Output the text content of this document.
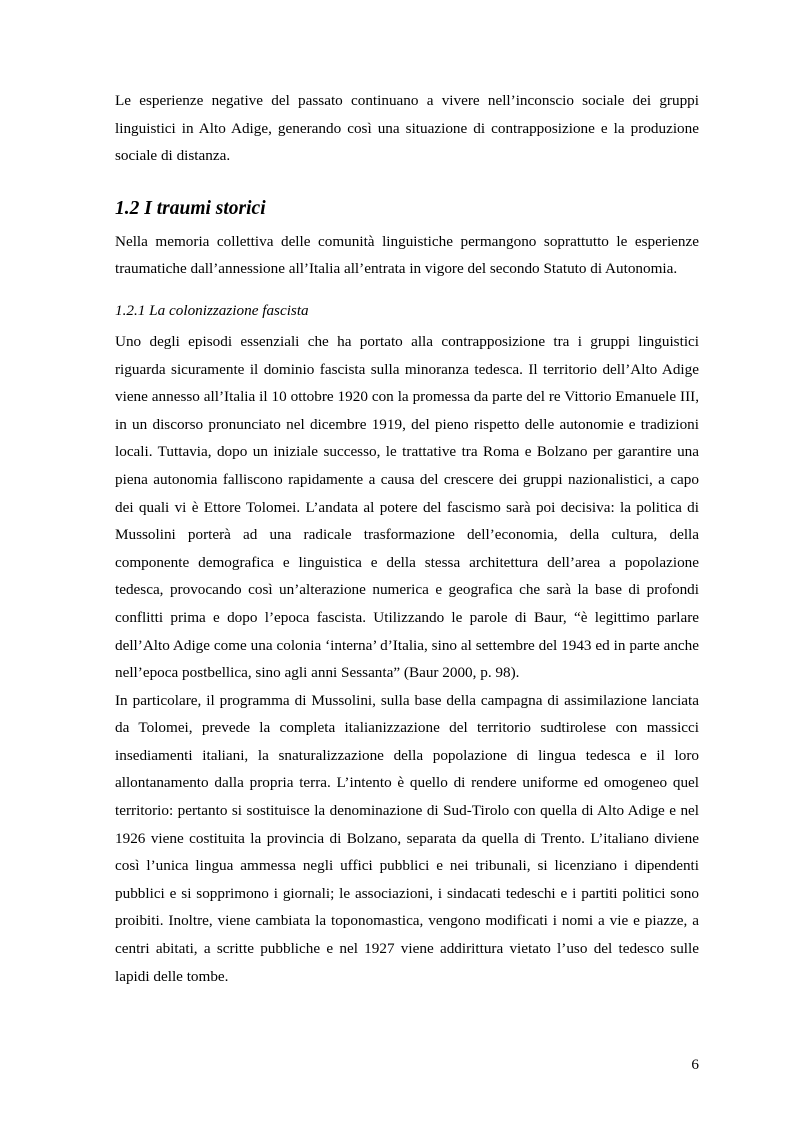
Le esperienze negative del passato continuano a vivere nell’inconscio sociale dei gruppi linguistici in Alto Adige, generando così una situazione di contrapposizione e la produzione sociale di distanza.

1.2 I traumi storici

Nella memoria collettiva delle comunità linguistiche permangono soprattutto le esperienze traumatiche dall’annessione all’Italia all’entrata in vigore del secondo Statuto di Autonomia.

1.2.1 La colonizzazione fascista

Uno degli episodi essenziali che ha portato alla contrapposizione tra i gruppi linguistici riguarda sicuramente il dominio fascista sulla minoranza tedesca. Il territorio dell’Alto Adige viene annesso all’Italia il 10 ottobre 1920 con la promessa da parte del re Vittorio Emanuele III, in un discorso pronunciato nel dicembre 1919, del pieno rispetto delle autonomie e tradizioni locali. Tuttavia, dopo un iniziale successo, le trattative tra Roma e Bolzano per garantire una piena autonomia falliscono rapidamente a causa del crescere dei gruppi nazionalistici, a capo dei quali vi è Ettore Tolomei. L’andata al potere del fascismo sarà poi decisiva: la politica di Mussolini porterà ad una radicale trasformazione dell’economia, della cultura, della componente demografica e linguistica e della stessa architettura dell’area a popolazione tedesca, provocando così un’alterazione numerica e geografica che sarà la base di profondi conflitti prima e dopo l’epoca fascista. Utilizzando le parole di Baur, “è legittimo parlare dell’Alto Adige come una colonia ‘interna’ d’Italia, sino al settembre del 1943 ed in parte anche nell’epoca postbellica, sino agli anni Sessanta” (Baur 2000, p. 98).

In particolare, il programma di Mussolini, sulla base della campagna di assimilazione lanciata da Tolomei, prevede la completa italianizzazione del territorio sudtirolese con massicci insediamenti italiani, la snaturalizzazione della popolazione di lingua tedesca e il loro allontanamento dalla propria terra. L’intento è quello di rendere uniforme ed omogeneo quel territorio: pertanto si sostituisce la denominazione di Sud-Tirolo con quella di Alto Adige e nel 1926 viene costituita la provincia di Bolzano, separata da quella di Trento. L’italiano diviene così l’unica lingua ammessa negli uffici pubblici e nei tribunali, si licenziano i dipendenti pubblici e si sopprimono i giornali; le associazioni, i sindacati tedeschi e i partiti politici sono proibiti. Inoltre, viene cambiata la toponomastica, vengono modificati i nomi a vie e piazze, a centri abitati, a scritte pubbliche e nel 1927 viene addirittura vietato l’uso del tedesco sulle lapidi delle tombe.

6
